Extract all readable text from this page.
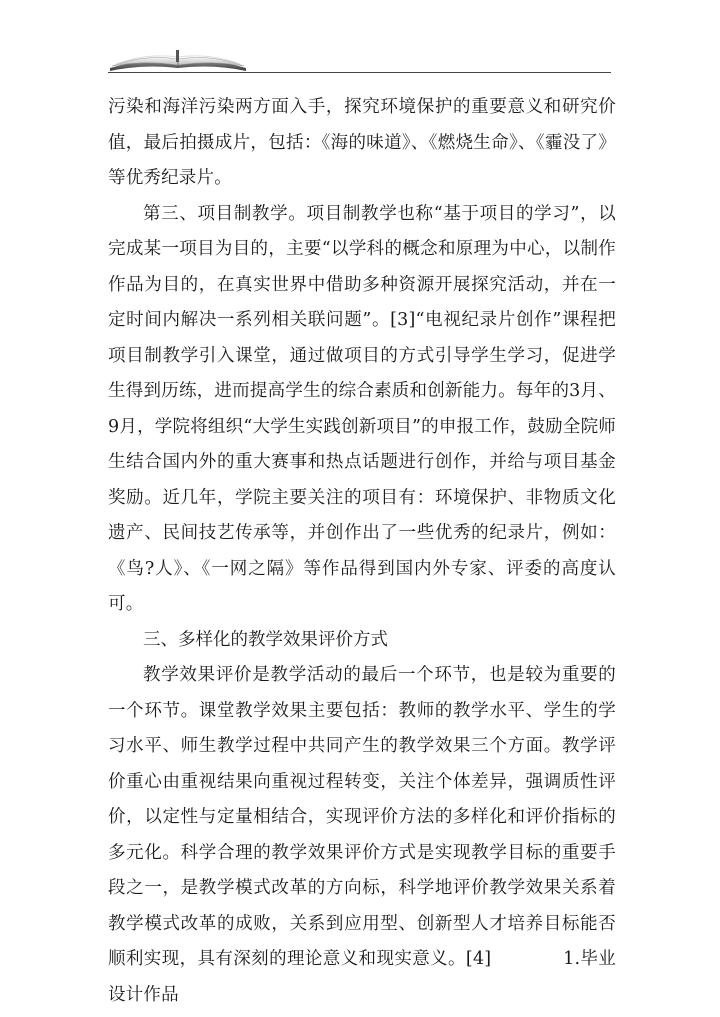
污染和海洋污染两方面入手，探究环境保护的重要意义和研究价值，最后拍摄成片，包括：《海的味道》、《燃烧生命》、《霾没了》等优秀纪录片。

第三、项目制教学。项目制教学也称“基于项目的学习”，以完成某一项目为目的，主要“以学科的概念和原理为中心，以制作作品为目的，在真实世界中借助多种资源开展探究活动，并在一定时间内解决一系列相关联问题”。[3]“电视纪录片创作”课程把项目制教学引入课堂，通过做项目的方式引导学生学习，促进学生得到历练，进而提高学生的综合素质和创新能力。每年的3月、9月，学院将组织“大学生实践创新项目”的申报工作，鼓励全院师生结合国内外的重大赛事和热点话题进行创作，并给与项目基金奖励。近几年，学院主要关注的项目有：环境保护、非物质文化遗产、民间技艺传承等，并创作出了一些优秀的纪录片，例如：《鸟?人》、《一网之隔》等作品得到国内外专家、评委的高度认可。

三、多样化的教学效果评价方式

教学效果评价是教学活动的最后一个环节，也是较为重要的一个环节。课堂教学效果主要包括：教师的教学水平、学生的学习水平、师生教学过程中共同产生的教学效果三个方面。教学评价重心由重视结果向重视过程转变，关注个体差异，强调质性评价，以定性与定量相结合，实现评价方法的多样化和评价指标的多元化。科学合理的教学效果评价方式是实现教学目标的重要手段之一，是教学模式改革的方向标，科学地评价教学效果关系着教学模式改革的成败，关系到应用型、创新型人才培养目标能否顺利实现，具有深刻的理论意义和现实意义。[4]　　　　1.毕业设计作品
